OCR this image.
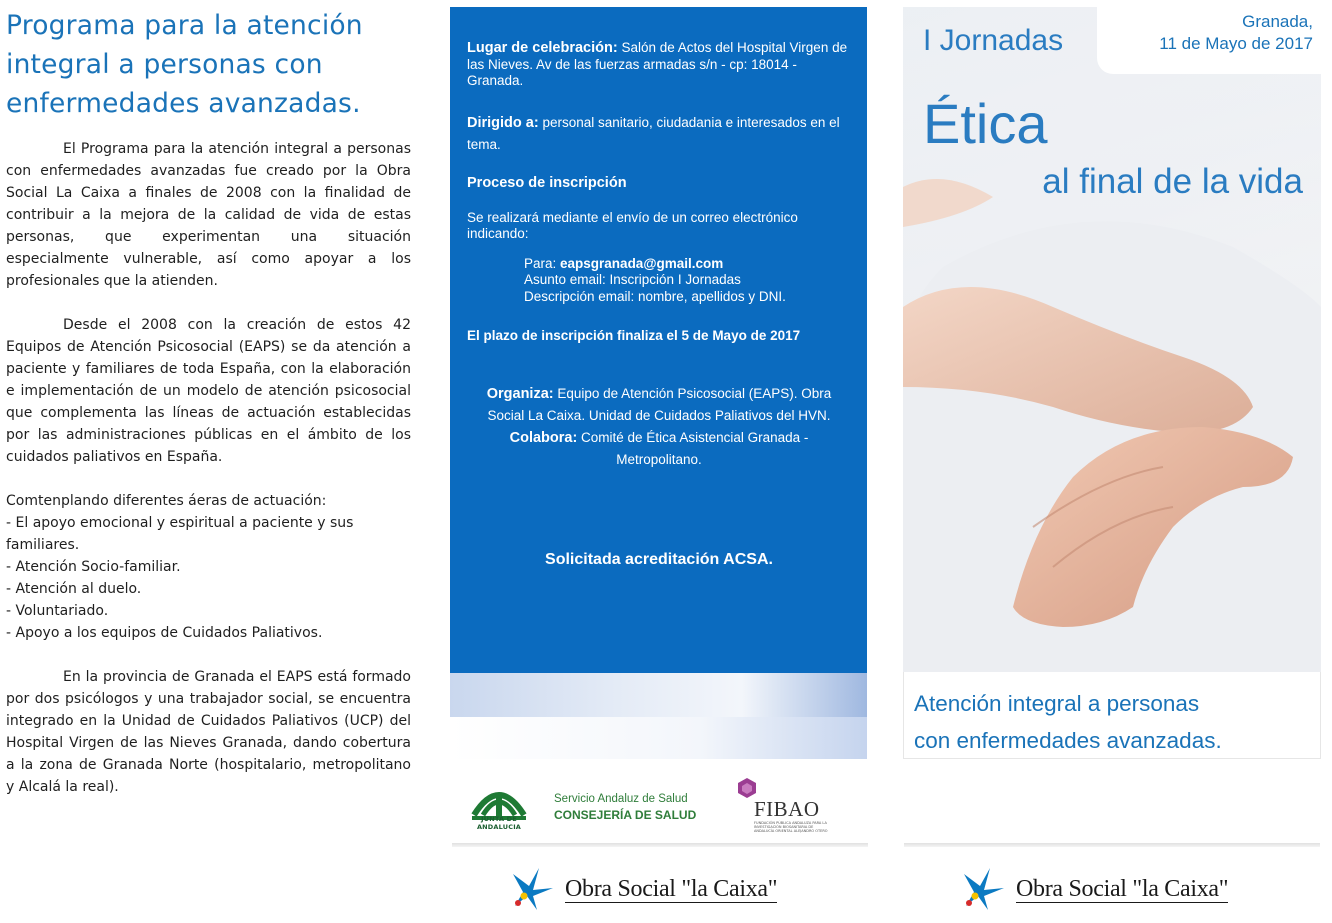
Programa para la atención integral a personas con enfermedades avanzadas.

El Programa para la atención integral a personas con enfermedades avanzadas fue creado por la Obra Social La Caixa a finales de 2008 con la finalidad de contribuir a la mejora de la calidad de vida de estas personas, que experimentan una situación especialmente vulnerable, así como apoyar a los profesionales que la atienden.

Desde el 2008 con la creación de estos 42 Equipos de Atención Psicosocial (EAPS) se da atención a paciente y familiares de toda España, con la elaboración e implementación de un modelo de atención psicosocial que complementa las líneas de actuación establecidas por las administraciones públicas en el ámbito de los cuidados paliativos en España.

Comtenplando diferentes áeras de actuación:

- El apoyo emocional y espiritual a paciente y sus familiares.
- Atención Socio-familiar.
- Atención al duelo.
- Voluntariado.
- Apoyo a los equipos de Cuidados Paliativos.

En la provincia de Granada el EAPS está formado por dos psicólogos y una trabajador social, se encuentra integrado en la Unidad de Cuidados Paliativos (UCP) del Hospital Virgen de las Nieves Granada, dando cobertura a la zona de Granada Norte (hospitalario, metropolitano y Alcalá la real).

Lugar de celebración: Salón de Actos del Hospital Virgen de las Nieves. Av de las fuerzas armadas s/n - cp: 18014 - Granada.
Dirigido a: personal sanitario, ciudadania e interesados en el tema.
Proceso de inscripción
Se realizará mediante el envío de un correo electrónico indicando:
Para: eapsgranada@gmail.com
Asunto email: Inscripción I Jornadas
Descripción email: nombre, apellidos y DNI.
El plazo de inscripción finaliza el 5 de Mayo de 2017
Organiza: Equipo de Atención Psicosocial (EAPS). Obra Social La Caixa. Unidad de Cuidados Paliativos del HVN.
Colabora: Comité de Ética Asistencial Granada - Metropolitano.
Solicitada acreditación ACSA.
JUNTA DE ANDALUCIA
Servicio Andaluz de Salud
CONSEJERÍA DE SALUD	FIBAO
FUNDACIÓN PÚBLICA ANDALUZA PARA LA INVESTIGACIÓN BIOSANITARIA DE ANDALUCÍA ORIENTAL ALEJANDRO OTERO
Obra Social "la Caixa"	Obra Social "la Caixa"
Granada,
11 de Mayo de 2017
I Jornadas
Ética
al final de la vida
Atención integral a personas
con enfermedades avanzadas.
